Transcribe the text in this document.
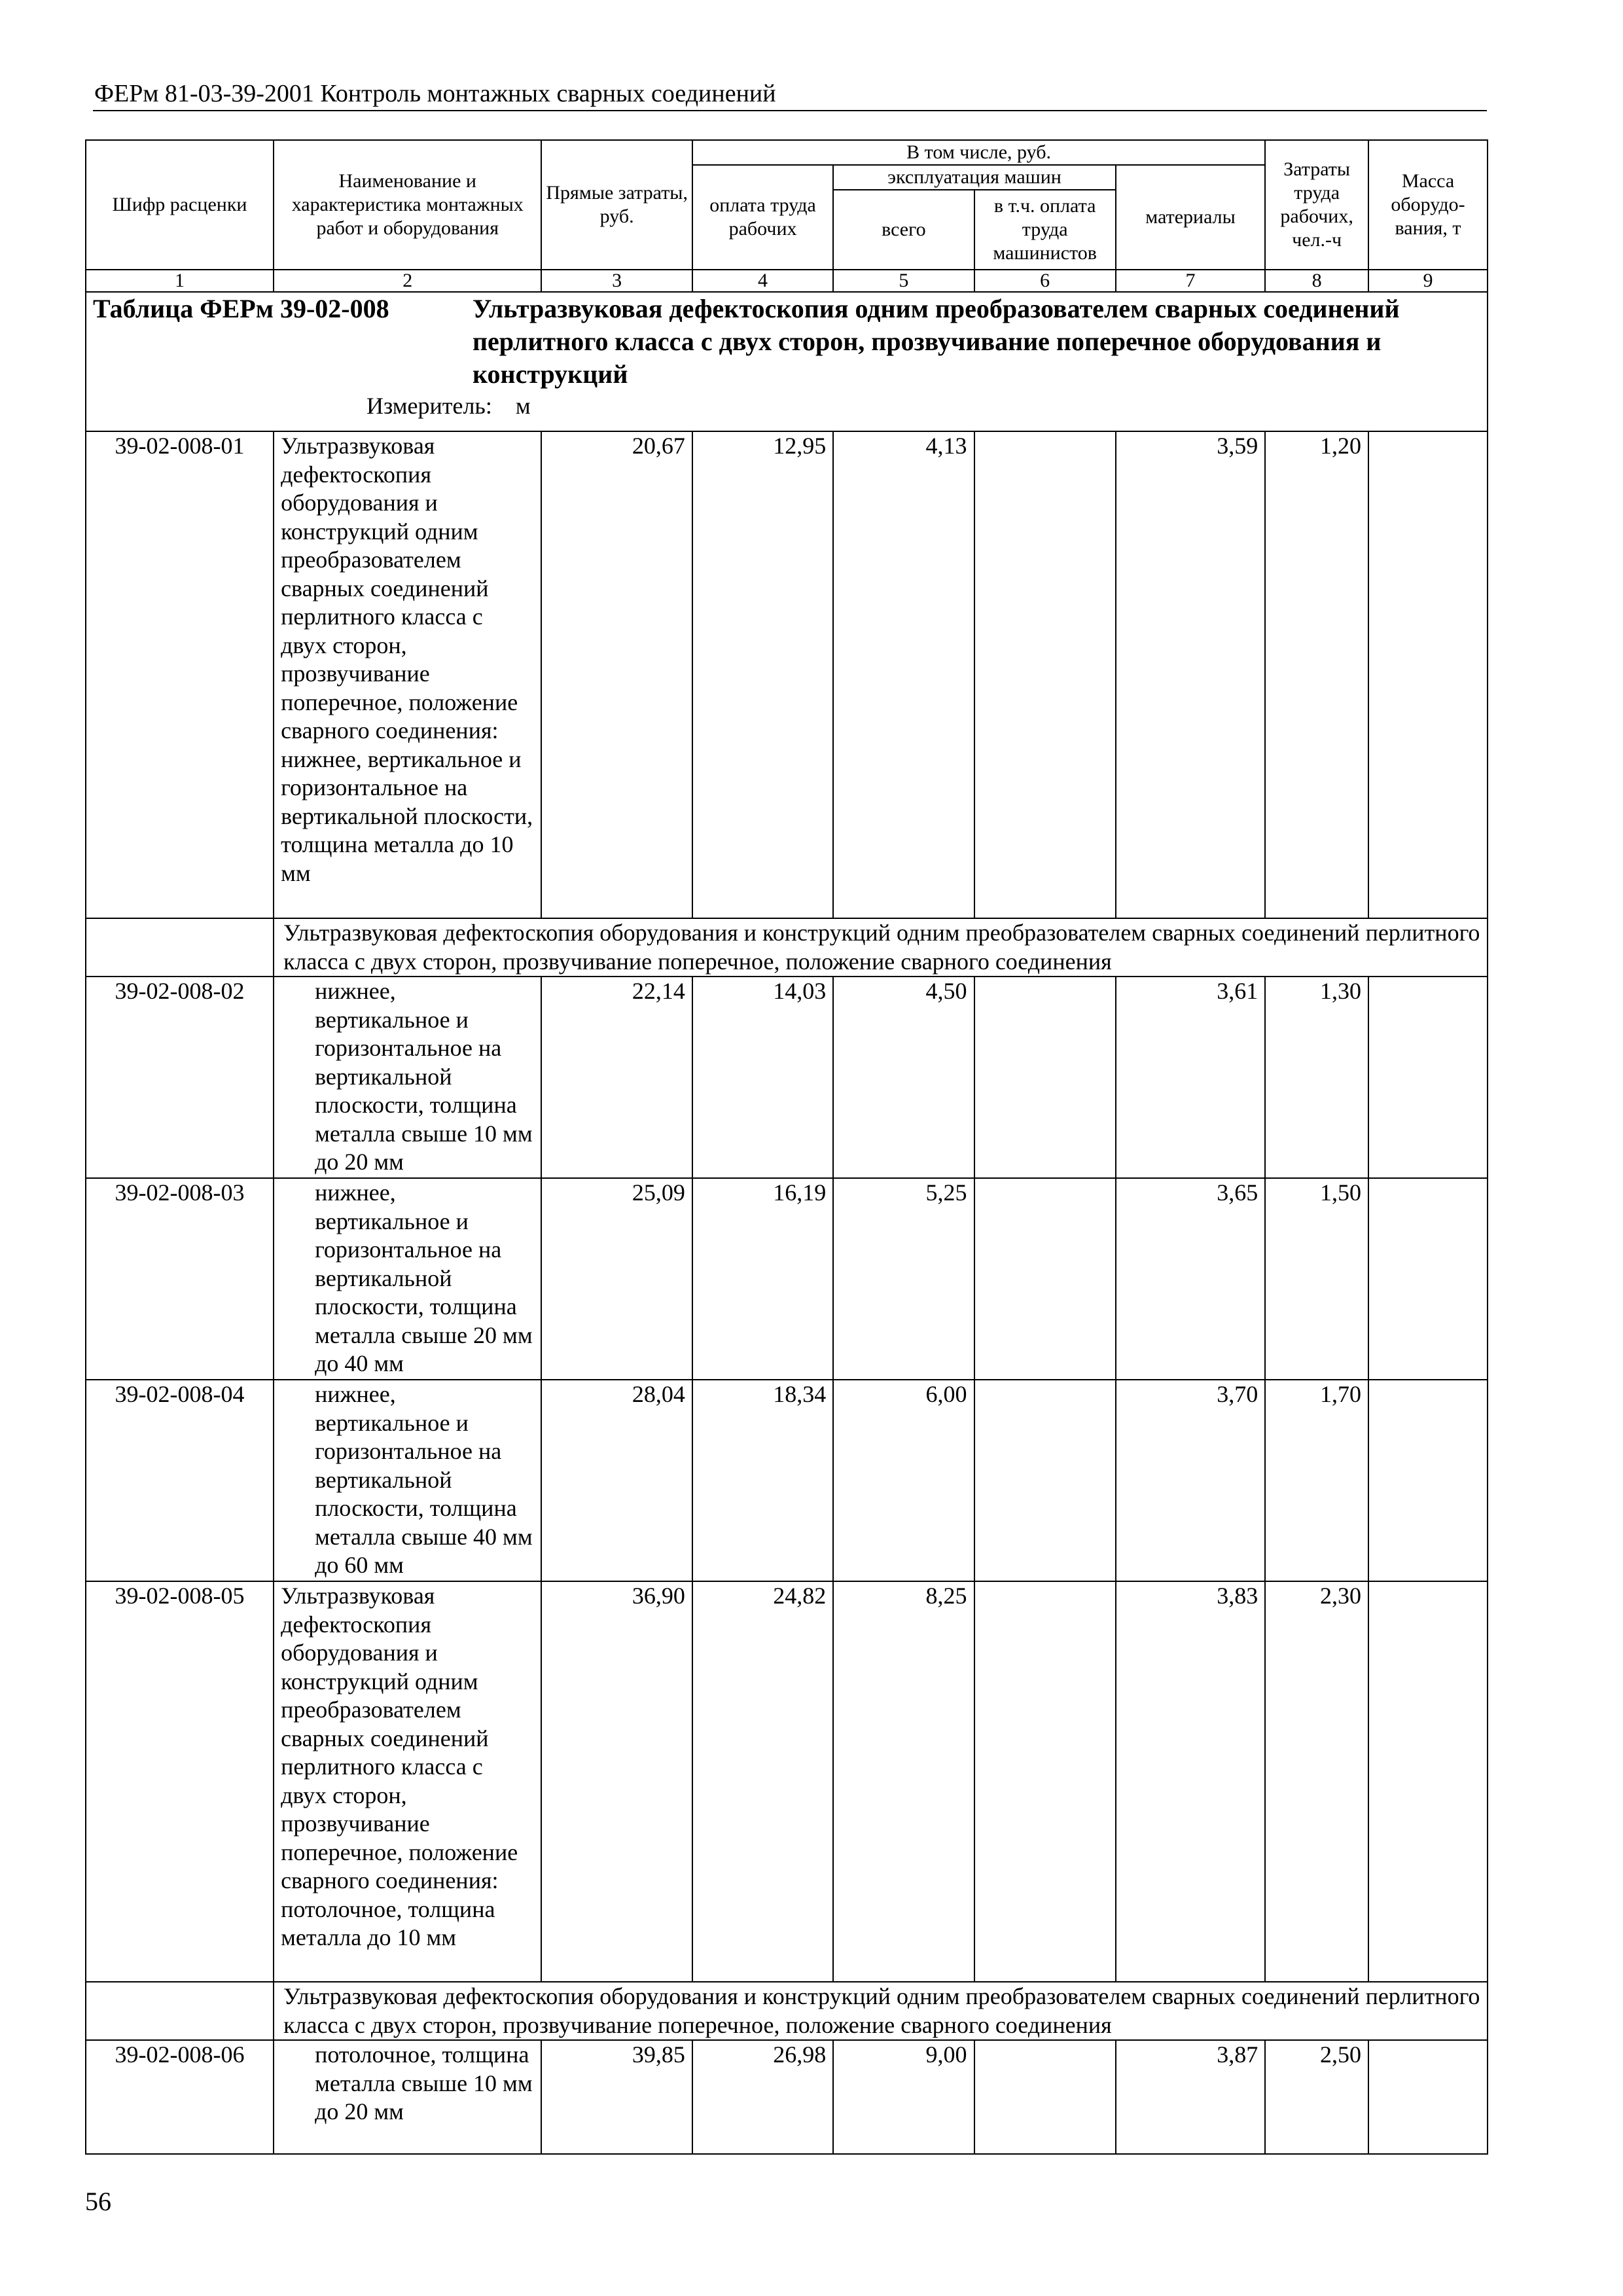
ФЕРм 81-03-39-2001 Контроль монтажных сварных соединений
Шифр расценки	Наименование и характеристика монтажных работ и оборудования	Прямые затраты, руб.	В том числе, руб.				Затраты труда рабочих, чел.-ч	Масса оборудо-вания, т
			оплата труда рабочих	эксплуатация машин		материалы		
				всего	в т.ч. оплата труда машинистов			
1	2	3	4	5	6	7	8	9

Таблица ФЕРм 39-02-008 Ультразвуковая дефектоскопия одним преобразователем сварных соединений перлитного класса с двух сторон, прозвучивание поперечное оборудования и конструкций
Измеритель: м								

39-02-008-01	Ультразвуковая дефектоскопия оборудования и конструкций одним преобразователем сварных соединений перлитного класса с двух сторон, прозвучивание поперечное, положение сварного соединения: нижнее, вертикальное и горизонтальное на вертикальной плоскости, толщина металла до 10 мм	20,67	12,95	4,13		3,59	1,20	
	Ультразвуковая дефектоскопия оборудования и конструкций одним преобразователем сварных соединений перлитного класса с двух сторон, прозвучивание поперечное, положение сварного соединения							
39-02-008-02	нижнее, вертикальное и горизонтальное на вертикальной плоскости, толщина металла свыше 10 мм до 20 мм	22,14	14,03	4,50		3,61	1,30	
39-02-008-03	нижнее, вертикальное и горизонтальное на вертикальной плоскости, толщина металла свыше 20 мм до 40 мм	25,09	16,19	5,25		3,65	1,50	
39-02-008-04	нижнее, вертикальное и горизонтальное на вертикальной плоскости, толщина металла свыше 40 мм до 60 мм	28,04	18,34	6,00		3,70	1,70	
39-02-008-05	Ультразвуковая дефектоскопия оборудования и конструкций одним преобразователем сварных соединений перлитного класса с двух сторон, прозвучивание поперечное, положение сварного соединения: потолочное, толщина металла до 10 мм	36,90	24,82	8,25		3,83	2,30	
	Ультразвуковая дефектоскопия оборудования и конструкций одним преобразователем сварных соединений перлитного класса с двух сторон, прозвучивание поперечное, положение сварного соединения							
39-02-008-06	потолочное, толщина металла свыше 10 мм до 20 мм	39,85	26,98	9,00		3,87	2,50	
56
